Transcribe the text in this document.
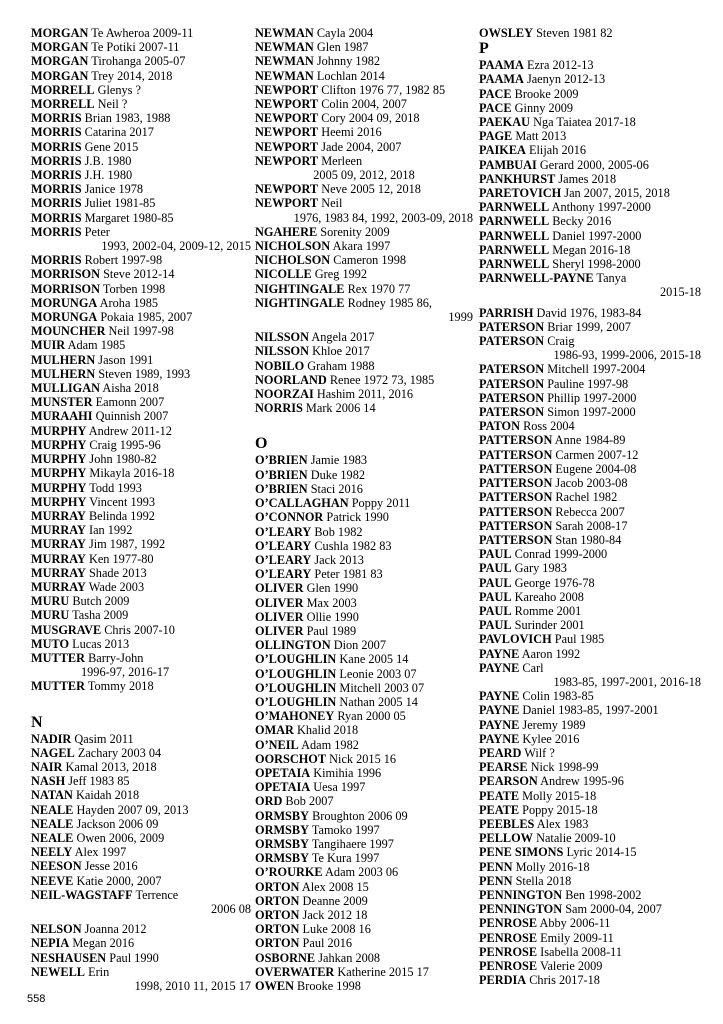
MORGAN Te Awheroa 2009-11
MORGAN Te Potiki 2007-11
MORGAN Tirohanga 2005-07
MORGAN Trey 2014, 2018
MORRELL Glenys ?
MORRELL Neil ?
MORRIS Brian 1983, 1988
MORRIS Catarina 2017
MORRIS Gene 2015
MORRIS J.B. 1980
MORRIS J.H. 1980
MORRIS Janice 1978
MORRIS Juliet 1981-85
MORRIS Margaret 1980-85
MORRIS Peter
1993, 2002-04, 2009-12, 2015
MORRIS Robert 1997-98
MORRISON Steve 2012-14
MORRISON Torben 1998
MORUNGA Aroha 1985
MORUNGA Pokaia 1985, 2007
MOUNCHER Neil 1997-98
MUIR Adam 1985
MULHERN Jason 1991
MULHERN Steven 1989, 1993
MULLIGAN Aisha 2018
MUNSTER Eamonn 2007
MURAAHI Quinnish 2007
MURPHY Andrew 2011-12
MURPHY Craig 1995-96
MURPHY John 1980-82
MURPHY Mikayla 2016-18
MURPHY Todd 1993
MURPHY Vincent 1993
MURRAY Belinda 1992
MURRAY Ian 1992
MURRAY Jim 1987, 1992
MURRAY Ken 1977-80
MURRAY Shade 2013
MURRAY Wade 2003
MURU Butch 2009
MURU Tasha 2009
MUSGRAVE Chris 2007-10
MUTO Lucas 2013
MUTTER Barry-John
1996-97, 2016-17
MUTTER Tommy 2018
N
NADIR Qasim 2011
NAGEL Zachary 2003 04
NAIR Kamal 2013, 2018
NASH Jeff 1983 85
NATAN Kaidah 2018
NEALE Hayden 2007 09, 2013
NEALE Jackson 2006 09
NEALE Owen 2006, 2009
NEELY Alex 1997
NEESON Jesse 2016
NEEVE Katie 2000, 2007
NEIL-WAGSTAFF Terrence
2006 08
NELSON Joanna 2012
NEPIA Megan 2016
NESHAUSEN Paul 1990
NEWELL Erin
1998, 2010 11, 2015 17
NEWMAN Cayla 2004
NEWMAN Glen 1987
NEWMAN Johnny 1982
NEWMAN Lochlan 2014
NEWPORT Clifton 1976 77, 1982 85
NEWPORT Colin 2004, 2007
NEWPORT Cory 2004 09, 2018
NEWPORT Heemi 2016
NEWPORT Jade 2004, 2007
NEWPORT Merleen
2005 09, 2012, 2018
NEWPORT Neve 2005 12, 2018
NEWPORT Neil
1976, 1983 84, 1992, 2003-09, 2018
NGAHERE Sorenity 2009
NICHOLSON Akara 1997
NICHOLSON Cameron 1998
NICOLLE Greg 1992
NIGHTINGALE Rex 1970 77
NIGHTINGALE Rodney 1985 86,
1999
NILSSON Angela 2017
NILSSON Khloe 2017
NOBILO Graham 1988
NOORLAND Renee 1972 73, 1985
NOORZAI Hashim 2011, 2016
NORRIS Mark 2006 14
O
O’BRIEN Jamie 1983
O’BRIEN Duke 1982
O’BRIEN Staci 2016
O’CALLAGHAN Poppy 2011
O’CONNOR Patrick 1990
O’LEARY Bob 1982
O’LEARY Cushla 1982 83
O’LEARY Jack 2013
O’LEARY Peter 1981 83
OLIVER Glen 1990
OLIVER Max 2003
OLIVER Ollie 1990
OLIVER Paul 1989
OLLINGTON Dion 2007
O’LOUGHLIN Kane 2005 14
O’LOUGHLIN Leonie 2003 07
O’LOUGHLIN Mitchell 2003 07
O’LOUGHLIN Nathan 2005 14
O’MAHONEY Ryan 2000 05
OMAR Khalid 2018
O’NEIL Adam 1982
OORSCHOT Nick 2015 16
OPETAIA Kimihia 1996
OPETAIA Uesa 1997
ORD Bob 2007
ORMSBY Broughton 2006 09
ORMSBY Tamoko 1997
ORMSBY Tangihaere 1997
ORMSBY Te Kura 1997
O’ROURKE Adam 2003 06
ORTON Alex 2008 15
ORTON Deanne 2009
ORTON Jack 2012 18
ORTON Luke 2008 16
ORTON Paul 2016
OSBORNE Jahkan 2008
OVERWATER Katherine 2015 17
OWEN Brooke 1998
OWSLEY Steven 1981 82
P
PAAMA Ezra 2012-13
PAAMA Jaenyn 2012-13
PACE Brooke 2009
PACE Ginny 2009
PAEKAU Nga Taiatea 2017-18
PAGE Matt 2013
PAIKEA Elijah 2016
PAMBUAI Gerard 2000, 2005-06
PANKHURST James 2018
PARETOVICH Jan 2007, 2015, 2018
PARNWELL Anthony 1997-2000
PARNWELL Becky 2016
PARNWELL Daniel 1997-2000
PARNWELL Megan 2016-18
PARNWELL Sheryl 1998-2000
PARNWELL-PAYNE Tanya
2015-18
PARRISH David 1976, 1983-84
PATERSON Briar 1999, 2007
PATERSON Craig
1986-93, 1999-2006, 2015-18
PATERSON Mitchell 1997-2004
PATERSON Pauline 1997-98
PATERSON Phillip 1997-2000
PATERSON Simon 1997-2000
PATON Ross 2004
PATTERSON Anne 1984-89
PATTERSON Carmen 2007-12
PATTERSON Eugene 2004-08
PATTERSON Jacob 2003-08
PATTERSON Rachel 1982
PATTERSON Rebecca 2007
PATTERSON Sarah 2008-17
PATTERSON Stan 1980-84
PAUL Conrad 1999-2000
PAUL Gary 1983
PAUL George 1976-78
PAUL Kareaho 2008
PAUL Romme 2001
PAUL Surinder 2001
PAVLOVICH Paul 1985
PAYNE Aaron 1992
PAYNE Carl
1983-85, 1997-2001, 2016-18
PAYNE Colin 1983-85
PAYNE Daniel 1983-85, 1997-2001
PAYNE Jeremy 1989
PAYNE Kylee 2016
PEARD Wilf ?
PEARSE Nick 1998-99
PEARSON Andrew 1995-96
PEATE Molly 2015-18
PEATE Poppy 2015-18
PEEBLES Alex 1983
PELLOW Natalie 2009-10
PENE SIMONS Lyric 2014-15
PENN Molly 2016-18
PENN Stella 2018
PENNINGTON Ben 1998-2002
PENNINGTON Sam 2000-04, 2007
PENROSE Abby 2006-11
PENROSE Emily 2009-11
PENROSE Isabella 2008-11
PENROSE Valerie 2009
PERDIA Chris 2017-18
558
